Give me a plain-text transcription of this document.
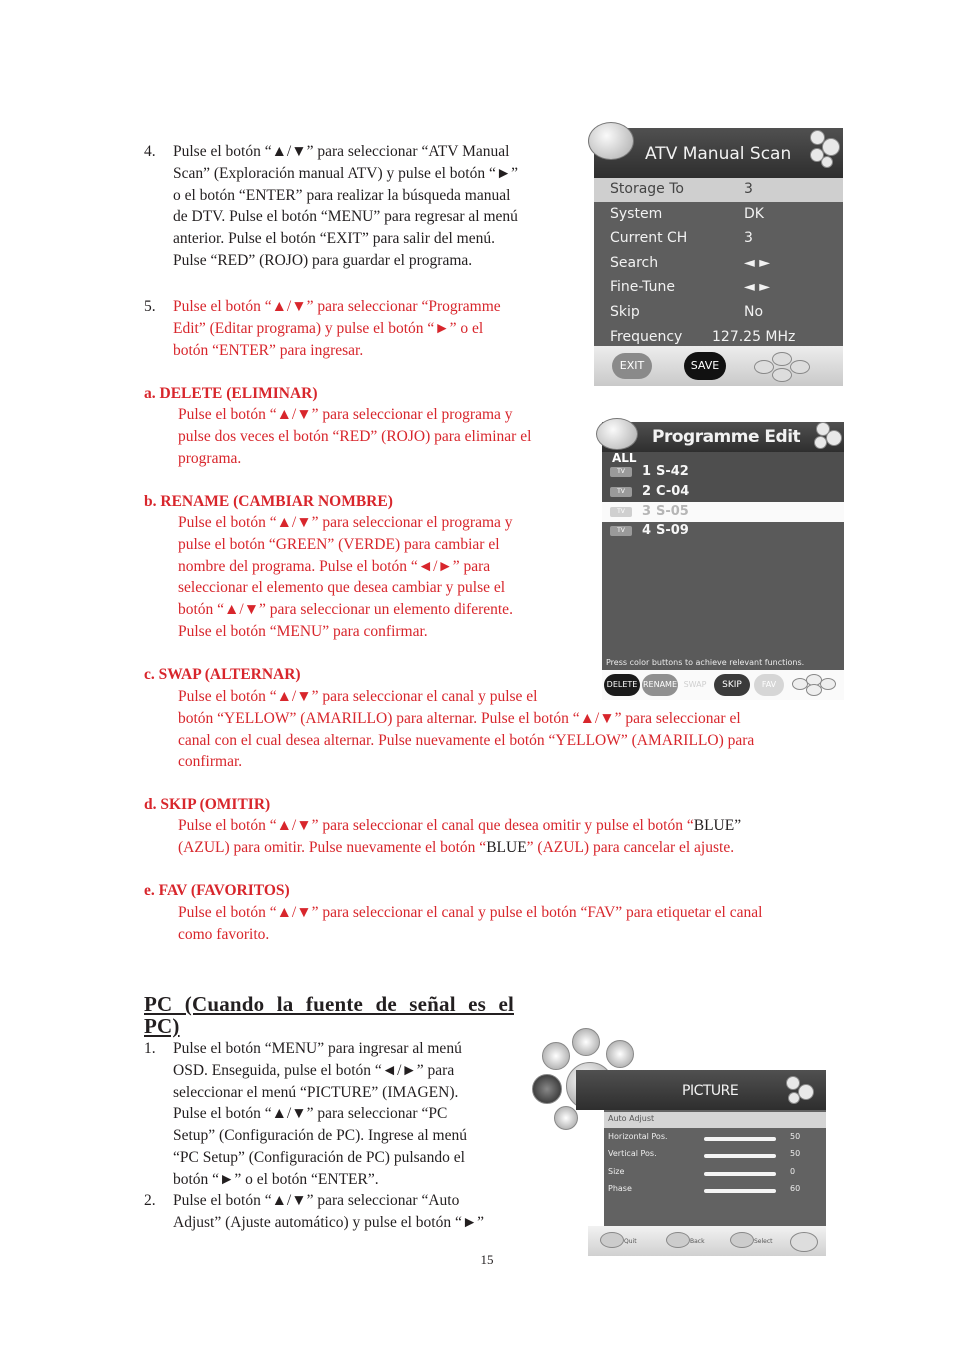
4. Pulse el botón “▲/▼” para seleccionar “ATV Manual
Scan” (Exploración manual ATV) y pulse el botón “►”
o el botón “ENTER” para realizar la búsqueda manual
de DTV. Pulse el botón “MENU” para regresar al menú
anterior. Pulse el botón “EXIT” para salir del menú.
Pulse “RED” (ROJO) para guardar el programa.
5. Pulse el botón “▲/▼” para seleccionar “Programme
Edit” (Editar programa) y pulse el botón “►” o el
botón “ENTER” para ingresar.
a. DELETE (ELIMINAR)
Pulse el botón “▲/▼” para seleccionar el programa y
pulse dos veces el botón “RED” (ROJO) para eliminar el
programa.
b. RENAME (CAMBIAR NOMBRE)
Pulse el botón “▲/▼” para seleccionar el programa y
pulse el botón “GREEN” (VERDE) para cambiar el
nombre del programa. Pulse el botón “◄/►” para
seleccionar el elemento que desea cambiar y pulse el
botón “▲/▼” para seleccionar un elemento diferente.
Pulse el botón “MENU” para confirmar.
c. SWAP (ALTERNAR)
Pulse el botón “▲/▼” para seleccionar el canal y pulse el
botón “YELLOW” (AMARILLO) para alternar. Pulse el botón “▲/▼” para seleccionar el
canal con el cual desea alternar. Pulse nuevamente el botón “YELLOW” (AMARILLO) para
confirmar.
d. SKIP (OMITIR)
Pulse el botón “▲/▼” para seleccionar el canal que desea omitir y pulse el botón “BLUE”
(AZUL) para omitir. Pulse nuevamente el botón “BLUE” (AZUL) para cancelar el ajuste.
e. FAV (FAVORITOS)
Pulse el botón “▲/▼” para seleccionar el canal y pulse el botón “FAV” para etiquetar el canal
como favorito.
PC (Cuando la fuente de señal es el
PC)
1. Pulse el botón “MENU” para ingresar al menú
OSD. Enseguida, pulse el botón “◄/►” para
seleccionar el menú “PICTURE” (IMAGEN).
Pulse el botón “▲/▼” para seleccionar “PC
Setup” (Configuración de PC). Ingrese al menú
“PC Setup” (Configuración de PC) pulsando el
botón “►” o el botón “ENTER”.
2. Pulse el botón “▲/▼” para seleccionar “Auto
Adjust” (Ajuste automático) y pulse el botón “►”
15
ATV Manual Scan
Storage To	3
System	DK
Current CH	3
Search	◄ ►
Fine-Tune	◄ ►
Skip	No
Frequency 127.25 MHz
EXIT	SAVE
Programme Edit
ALL
TV	1 S-42
TV	2 C-04
TV	3 S-05
TV	4 S-09
Press color buttons to achieve relevant functions.
DELETE RENAME SWAP	SKIP	FAV
PICTURE
Auto Adjust
Horizontal Pos.	50
Vertical Pos.	50
Size	0
Phase	60
Quit	Back	Select
